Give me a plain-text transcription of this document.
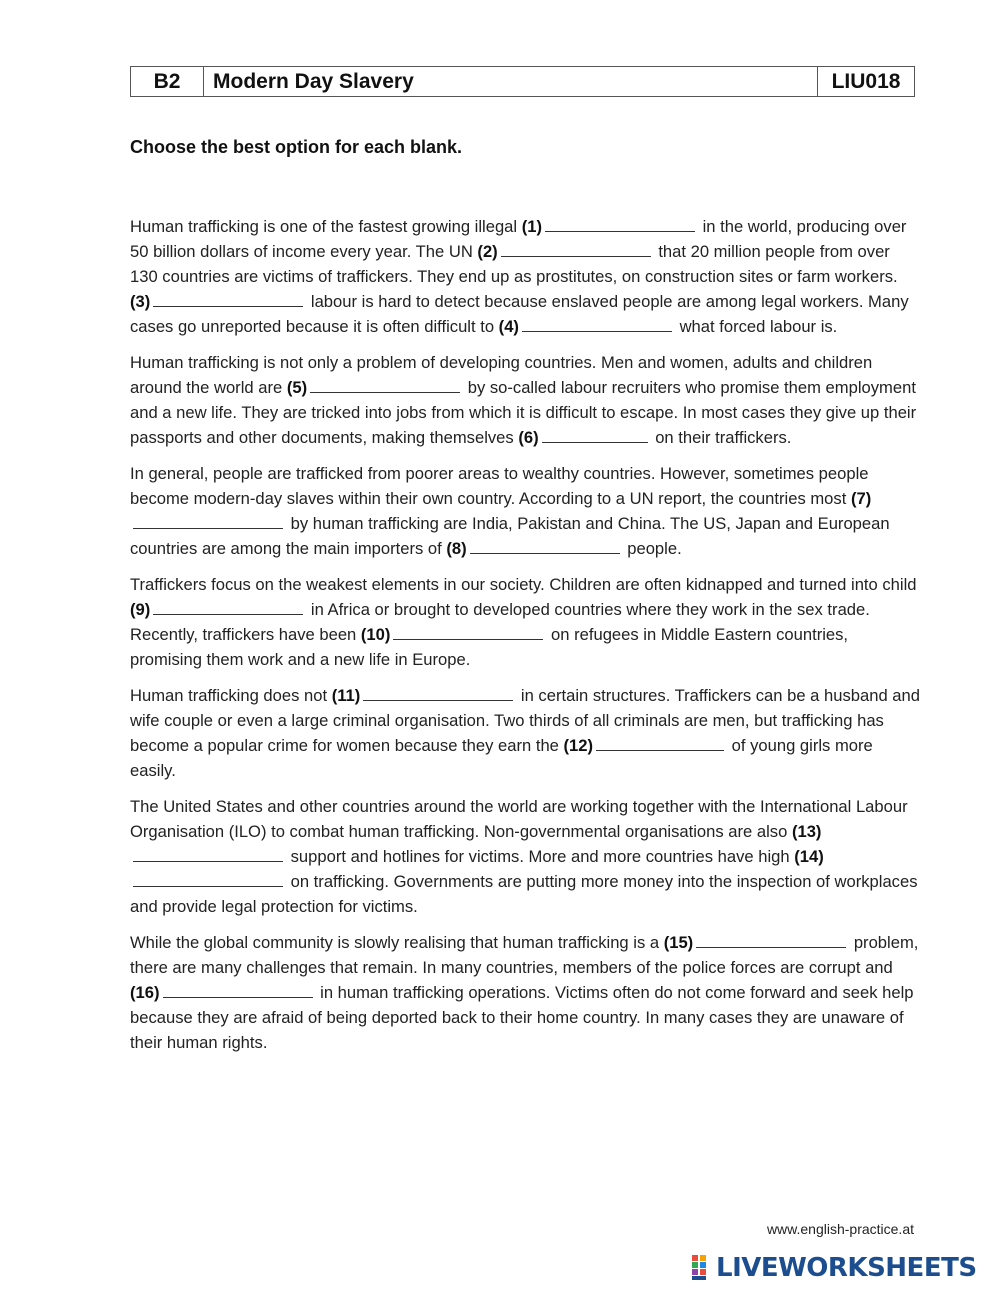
B2	Modern Day Slavery	LIU018
Choose the best option for each blank.

Human trafficking is one of the fastest growing illegal (1)	in the world, producing over 50 billion dollars of income every year. The UN (2)	that 20 million people from over 130 countries are victims of traffickers. They end up as prostitutes, on construction sites or farm workers. (3)	labour is hard to detect because enslaved people are among legal workers. Many cases go unreported because it is often difficult to (4)	what forced labour is.

Human trafficking is not only a problem of developing countries. Men and women, adults and children around the world are (5)	by so-called labour recruiters who promise them employment and a new life. They are tricked into jobs from which it is difficult to escape. In most cases they give up their passports and other documents, making themselves (6)	on their traffickers.

In general, people are trafficked from poorer areas to wealthy countries. However, sometimes people become modern-day slaves within their own country. According to a UN report, the countries most (7) by human trafficking are India, Pakistan and China. The US, Japan and European countries are among the main importers of (8)	people.

Traffickers focus on the weakest elements in our society. Children are often kidnapped and turned into child (9)	in Africa or brought to developed countries where they work in the sex trade. Recently, traffickers have been (10)	on refugees in Middle Eastern countries, promising them work and a new life in Europe.

Human trafficking does not (11)	in certain structures. Traffickers can be a husband and wife couple or even a large criminal organisation. Two thirds of all criminals are men, but trafficking has become a popular crime for women because they earn the (12)	of young girls more easily.

The United States and other countries around the world are working together with the International Labour Organisation (ILO) to combat human trafficking. Non-governmental organisations are also (13) support and hotlines for victims. More and more countries have high (14) on trafficking. Governments are putting more money into the inspection of workplaces and provide legal protection for victims.

While the global community is slowly realising that human trafficking is a (15)	problem, there are many challenges that remain. In many countries, members of the police forces are corrupt and (16)	in human trafficking operations. Victims often do not come forward and seek help because they are afraid of being deported back to their home country. In many cases they are unaware of their human rights.

www.english-practice.at
LIVEWORKSHEETS
